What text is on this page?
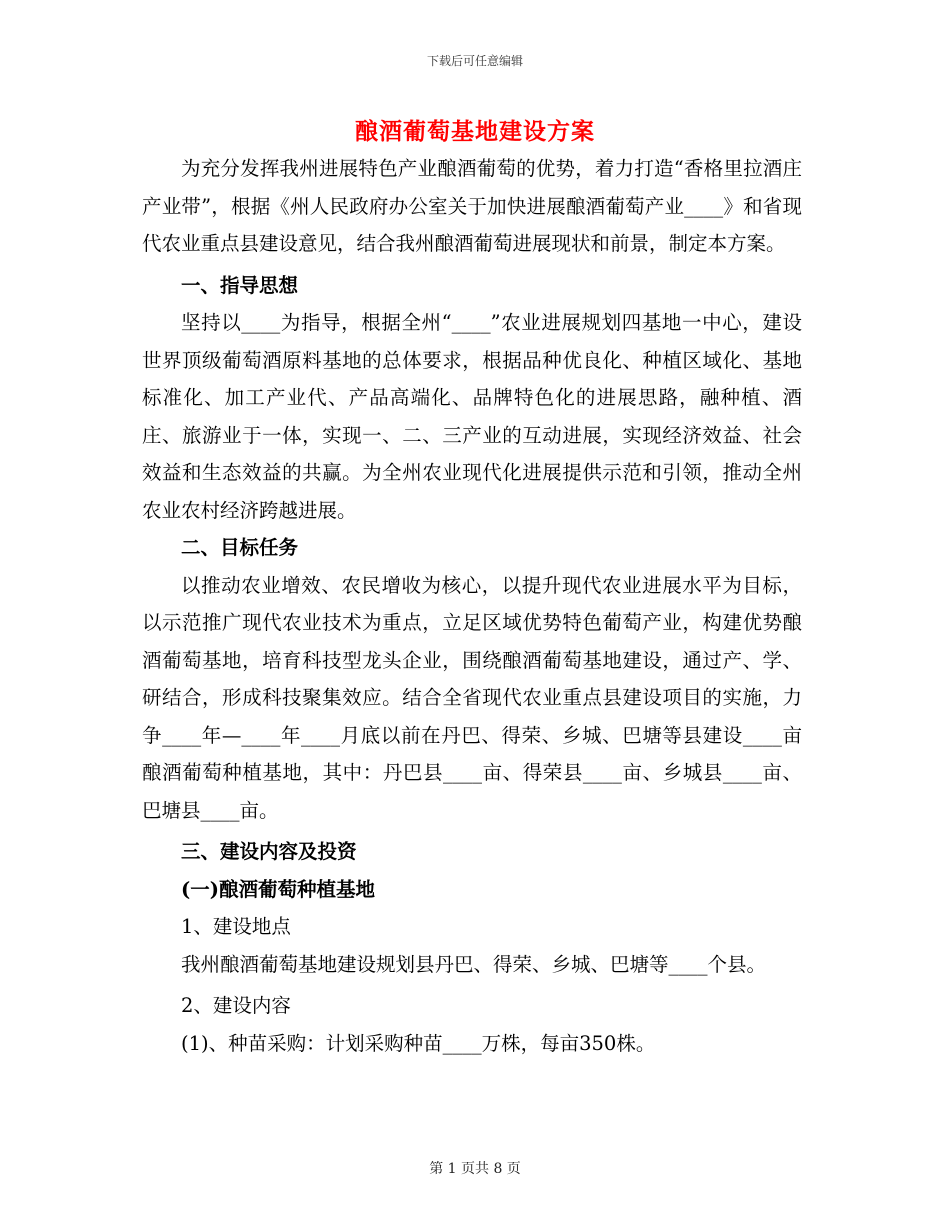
下载后可任意编辑
酿酒葡萄基地建设方案

为充分发挥我州进展特色产业酿酒葡萄的优势，着力打造“香格里拉酒庄产业带”，根据《州人民政府办公室关于加快进展酿酒葡萄产业____》和省现代农业重点县建设意见，结合我州酿酒葡萄进展现状和前景，制定本方案。

一、指导思想

坚持以____为指导，根据全州“____”农业进展规划四基地一中心，建设世界顶级葡萄酒原料基地的总体要求，根据品种优良化、种植区域化、基地标准化、加工产业代、产品高端化、品牌特色化的进展思路，融种植、酒庄、旅游业于一体，实现一、二、三产业的互动进展，实现经济效益、社会效益和生态效益的共赢。为全州农业现代化进展提供示范和引领，推动全州农业农村经济跨越进展。

二、目标任务

以推动农业增效、农民增收为核心，以提升现代农业进展水平为目标，以示范推广现代农业技术为重点，立足区域优势特色葡萄产业，构建优势酿酒葡萄基地，培育科技型龙头企业，围绕酿酒葡萄基地建设，通过产、学、研结合，形成科技聚集效应。结合全省现代农业重点县建设项目的实施，力争____年—____年____月底以前在丹巴、得荣、乡城、巴塘等县建设____亩酿酒葡萄种植基地，其中：丹巴县____亩、得荣县____亩、乡城县____亩、巴塘县____亩。

三、建设内容及投资

(一)酿酒葡萄种植基地

1、建设地点

我州酿酒葡萄基地建设规划县丹巴、得荣、乡城、巴塘等____个县。

2、建设内容

(1)、种苗采购：计划采购种苗____万株，每亩350株。

第 1 页共 8 页
